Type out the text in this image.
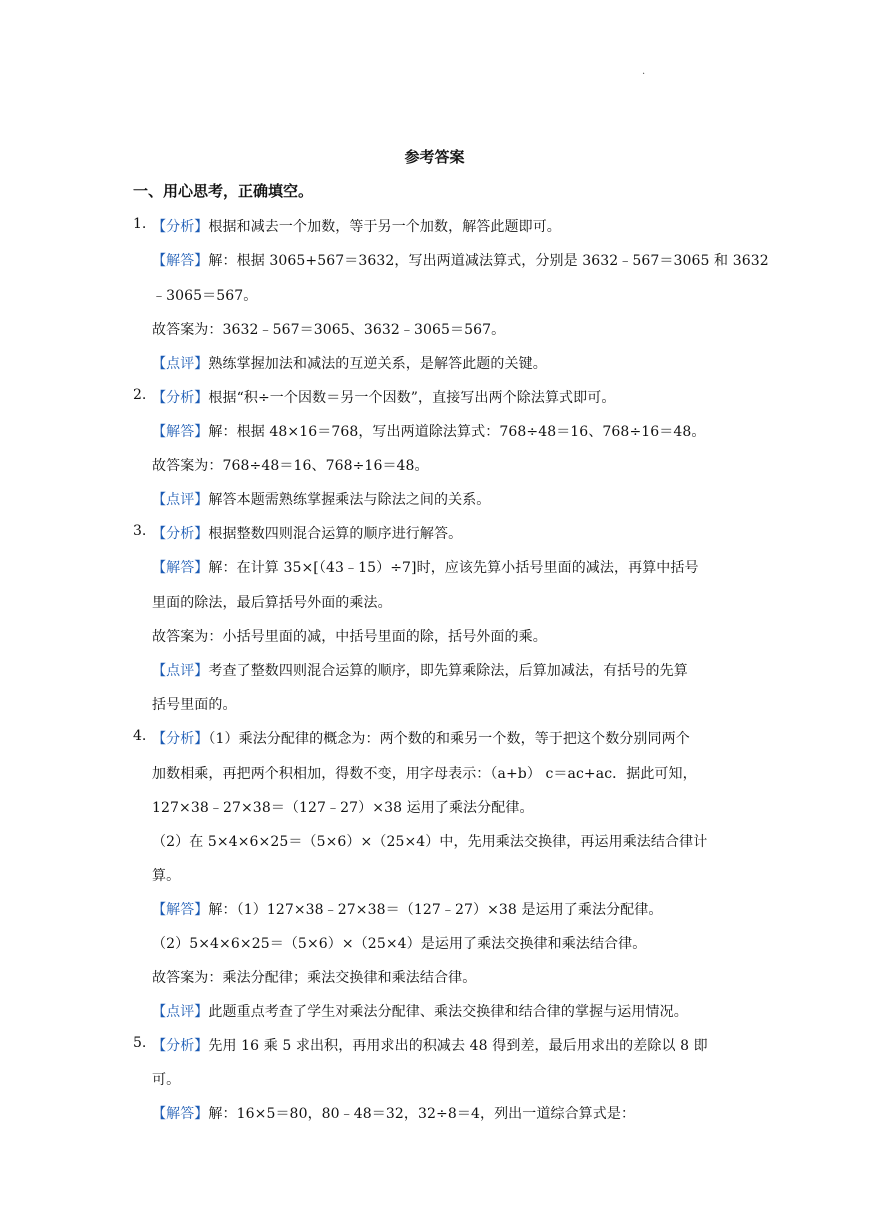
.
参考答案
一、用心思考，正确填空。
1. 【分析】根据和减去一个加数，等于另一个加数，解答此题即可。
【解答】解：根据 3065+567＝3632，写出两道减法算式，分别是 3632﹣567＝3065 和 3632
﹣3065＝567。
故答案为：3632﹣567＝3065、3632﹣3065＝567。
【点评】熟练掌握加法和减法的互逆关系，是解答此题的关键。
2. 【分析】根据“积÷一个因数＝另一个因数”，直接写出两个除法算式即可。
【解答】解：根据 48×16＝768，写出两道除法算式：768÷48＝16、768÷16＝48。
故答案为：768÷48＝16、768÷16＝48。
【点评】解答本题需熟练掌握乘法与除法之间的关系。
3. 【分析】根据整数四则混合运算的顺序进行解答。
【解答】解：在计算 35×[（43﹣15）÷7]时，应该先算小括号里面的减法，再算中括号
里面的除法，最后算括号外面的乘法。
故答案为：小括号里面的减，中括号里面的除，括号外面的乘。
【点评】考查了整数四则混合运算的顺序，即先算乘除法，后算加减法，有括号的先算
括号里面的。
4. 【分析】（1）乘法分配律的概念为：两个数的和乘另一个数，等于把这个数分别同两个
加数相乘，再把两个积相加，得数不变，用字母表示：（a+b） c＝ac+ac．据此可知，
127×38﹣27×38＝（127﹣27）×38 运用了乘法分配律。
（2）在 5×4×6×25＝（5×6）×（25×4）中，先用乘法交换律，再运用乘法结合律计
算。
【解答】解：（1）127×38﹣27×38＝（127﹣27）×38 是运用了乘法分配律。
（2）5×4×6×25＝（5×6）×（25×4）是运用了乘法交换律和乘法结合律。
故答案为：乘法分配律；乘法交换律和乘法结合律。
【点评】此题重点考查了学生对乘法分配律、乘法交换律和结合律的掌握与运用情况。
5. 【分析】先用 16 乘 5 求出积，再用求出的积减去 48 得到差，最后用求出的差除以 8 即
可。
【解答】解：16×5＝80，80﹣48＝32，32÷8＝4，列出一道综合算式是：
